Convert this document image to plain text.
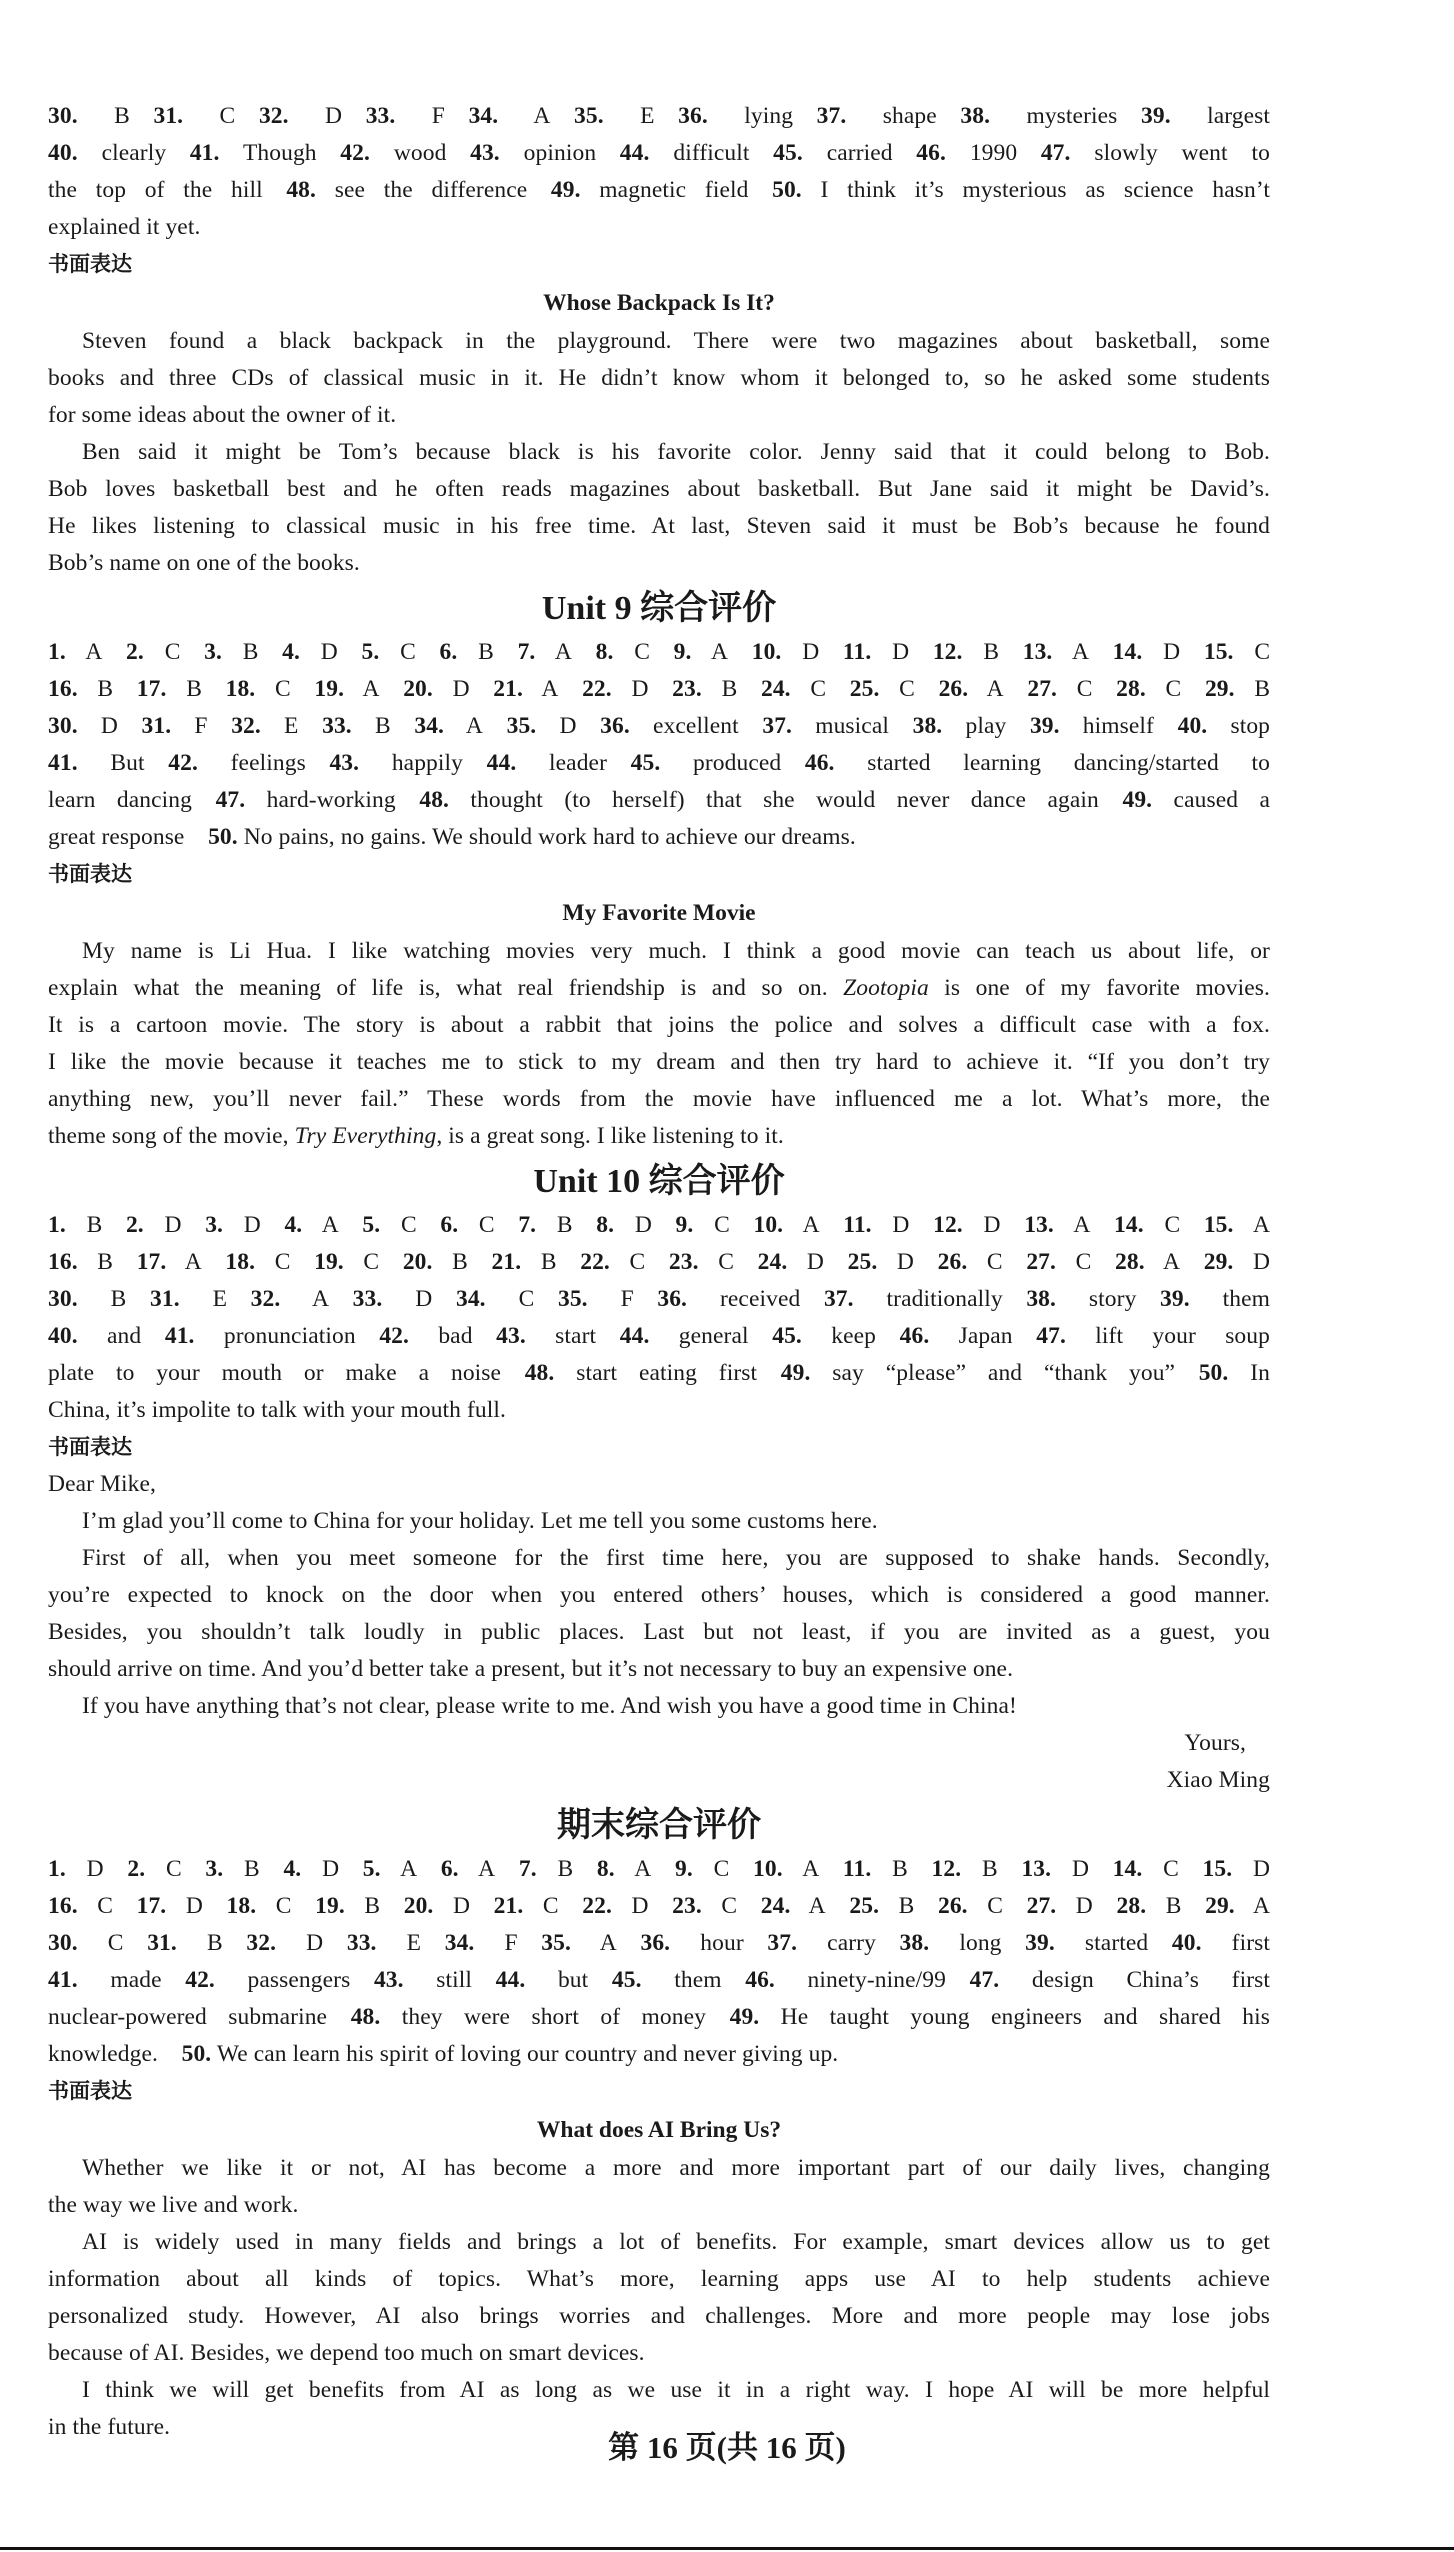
30. B  31. C  32. D  33. F  34. A  35. E  36. lying  37. shape  38. mysteries  39. largest
40. clearly  41. Though  42. wood  43. opinion  44. difficult  45. carried  46. 1990  47. slowly went to
the top of the hill  48. see the difference  49. magnetic field  50. I think it’s mysterious as science hasn’t
explained it yet.
书面表达
Whose Backpack Is It?
Steven found a black backpack in the playground. There were two magazines about basketball, some
books and three CDs of classical music in it. He didn’t know whom it belonged to, so he asked some students
for some ideas about the owner of it.
Ben said it might be Tom’s because black is his favorite color. Jenny said that it could belong to Bob.
Bob loves basketball best and he often reads magazines about basketball. But Jane said it might be David’s.
He likes listening to classical music in his free time. At last, Steven said it must be Bob’s because he found
Bob’s name on one of the books.
Unit 9 综合评价
1. A  2. C  3. B  4. D  5. C  6. B  7. A  8. C  9. A  10. D  11. D  12. B  13. A  14. D  15. C
16. B  17. B  18. C  19. A  20. D  21. A  22. D  23. B  24. C  25. C  26. A  27. C  28. C  29. B
30. D  31. F  32. E  33. B  34. A  35. D  36. excellent  37. musical  38. play  39. himself  40. stop
41. But  42. feelings  43. happily  44. leader  45. produced  46. started learning dancing/started to
learn dancing  47. hard-working  48. thought (to herself) that she would never dance again  49. caused a
great response  50. No pains, no gains. We should work hard to achieve our dreams.
书面表达
My Favorite Movie
My name is Li Hua. I like watching movies very much. I think a good movie can teach us about life, or
explain what the meaning of life is, what real friendship is and so on. Zootopia is one of my favorite movies.
It is a cartoon movie. The story is about a rabbit that joins the police and solves a difficult case with a fox.
I like the movie because it teaches me to stick to my dream and then try hard to achieve it. “If you don’t try
anything new, you’ll never fail.” These words from the movie have influenced me a lot. What’s more, the
theme song of the movie, Try Everything, is a great song. I like listening to it.
Unit 10 综合评价
1. B  2. D  3. D  4. A  5. C  6. C  7. B  8. D  9. C  10. A  11. D  12. D  13. A  14. C  15. A
16. B  17. A  18. C  19. C  20. B  21. B  22. C  23. C  24. D  25. D  26. C  27. C  28. A  29. D
30. B  31. E  32. A  33. D  34. C  35. F  36. received  37. traditionally  38. story  39. them
40. and  41. pronunciation  42. bad  43. start  44. general  45. keep  46. Japan  47. lift your soup
plate to your mouth or make a noise  48. start eating first  49. say “please” and “thank you”  50. In
China, it’s impolite to talk with your mouth full.
书面表达
Dear Mike,
I’m glad you’ll come to China for your holiday. Let me tell you some customs here.
First of all, when you meet someone for the first time here, you are supposed to shake hands. Secondly,
you’re expected to knock on the door when you entered others’ houses, which is considered a good manner.
Besides, you shouldn’t talk loudly in public places. Last but not least, if you are invited as a guest, you
should arrive on time. And you’d better take a present, but it’s not necessary to buy an expensive one.
If you have anything that’s not clear, please write to me. And wish you have a good time in China!
Yours,
Xiao Ming
期末综合评价
1. D  2. C  3. B  4. D  5. A  6. A  7. B  8. A  9. C  10. A  11. B  12. B  13. D  14. C  15. D
16. C  17. D  18. C  19. B  20. D  21. C  22. D  23. C  24. A  25. B  26. C  27. D  28. B  29. A
30. C  31. B  32. D  33. E  34. F  35. A  36. hour  37. carry  38. long  39. started  40. first
41. made  42. passengers  43. still  44. but  45. them  46. ninety-nine/99  47. design China’s first
nuclear-powered submarine  48. they were short of money  49. He taught young engineers and shared his
knowledge.  50. We can learn his spirit of loving our country and never giving up.
书面表达
What does AI Bring Us?
Whether we like it or not, AI has become a more and more important part of our daily lives, changing
the way we live and work.
AI is widely used in many fields and brings a lot of benefits. For example, smart devices allow us to get
information about all kinds of topics. What’s more, learning apps use AI to help students achieve
personalized study. However, AI also brings worries and challenges. More and more people may lose jobs
because of AI. Besides, we depend too much on smart devices.
I think we will get benefits from AI as long as we use it in a right way. I hope AI will be more helpful
in the future.
第 16 页(共 16 页)
